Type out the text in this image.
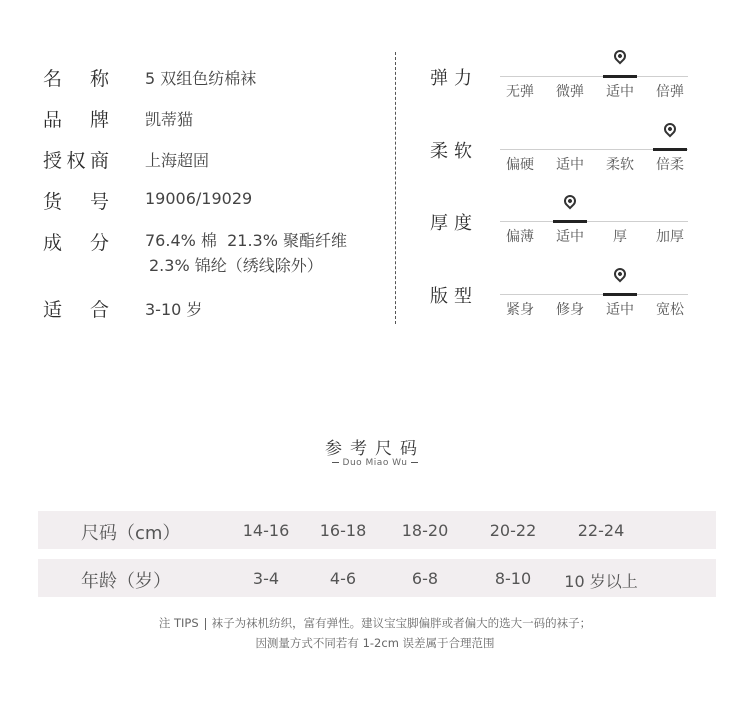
名 称 5 双组色纺棉袜
品 牌 凯蒂猫
授 权 商 上海超固
货 号 19006/19029
成 分 76.4% 棉  21.3% 聚酯纤维
2.3% 锦纶（绣线除外）
适 合 3-10 岁
弹力
无弹	微弹	适中	倍弹
柔软
偏硬	适中	柔软	倍柔
厚度
偏薄	适中	厚	加厚
版型
紧身	修身	适中	宽松
参考尺码
Duo Miao Wu
尺码（cm）	14-16	16-18	18-20	20-22	22-24
年龄（岁）	3-4	4-6	6-8	8-10	10 岁以上
注 TIPS 袜子为袜机纺织，富有弹性。建议宝宝脚偏胖或者偏大的选大一码的袜子；
因测量方式不同若有 1-2cm 误差属于合理范围
